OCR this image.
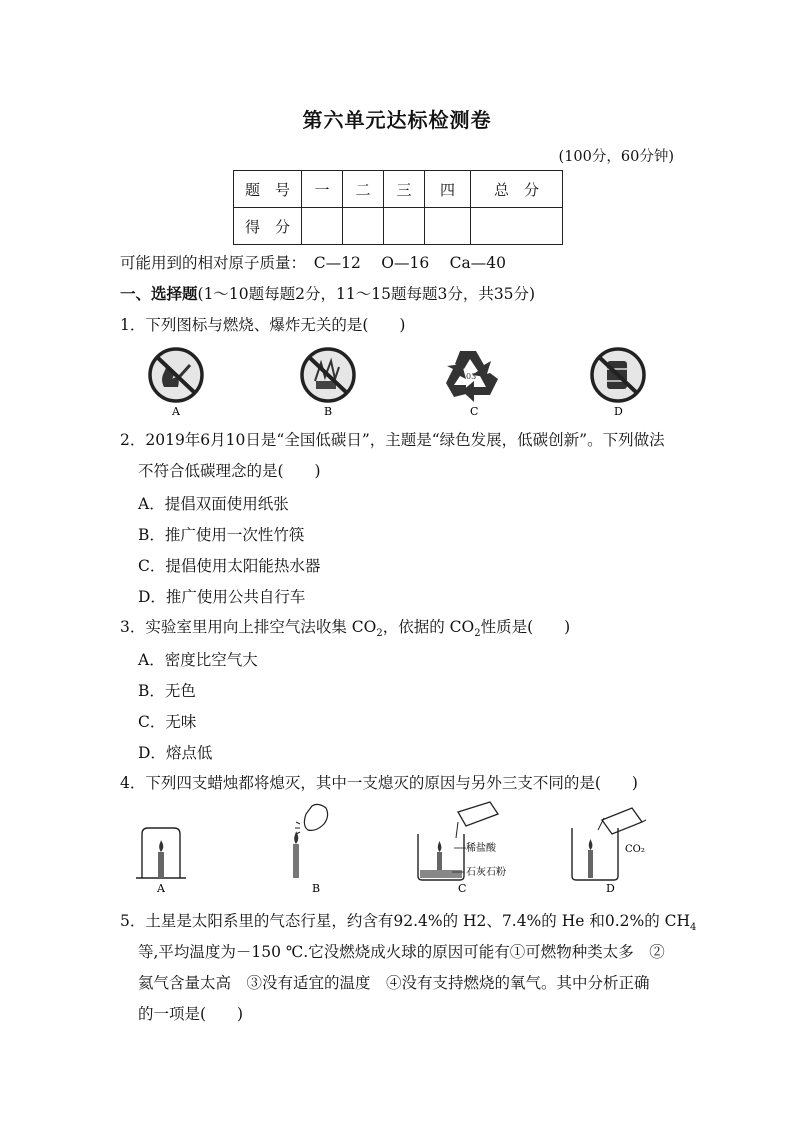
第六单元达标检测卷
(100分，60分钟)
题　号	一	二	三	四	总　分
得　分					
可能用到的相对原子质量：　C—12　 O—16　 Ca—40
一、选择题(1～10题每题2分，11～15题每题3分，共35分)
1．下列图标与燃烧、爆炸无关的是(　　)
A	B
03
C	D
2．2019年6月10日是“全国低碳日”，主题是“绿色发展，低碳创新”。下列做法
不符合低碳理念的是(　　)
A．提倡双面使用纸张
B．推广使用一次性竹筷
C．提倡使用太阳能热水器
D．推广使用公共自行车
3．实验室里用向上排空气法收集 $CO_2$，依据的 $CO_2$性质是(　　)
A．密度比空气大
B．无色
C．无味
D．熔点低
4．下列四支蜡烛都将熄灭，其中一支熄灭的原因与另外三支不同的是(　　)
A	B
稀盐酸
石灰石粉
C
CO₂
D
5．土星是太阳系里的气态行星，约含有92.4%的 H2、7.4%的 He 和0.2%的 $CH_4$
等,平均温度为－150 ℃.它没燃烧成火球的原因可能有①可燃物种类太多　②
氦气含量太高　③没有适宜的温度　④没有支持燃烧的氧气。其中分析正确
的一项是(　　)
